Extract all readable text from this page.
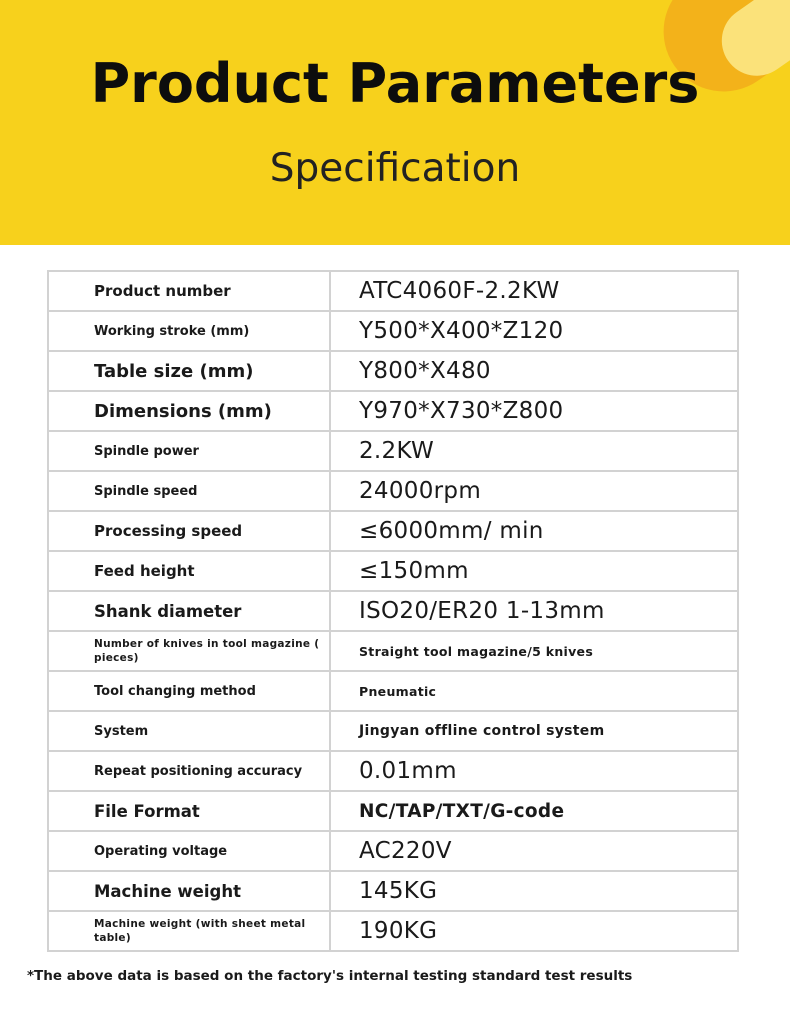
Product Parameters
Specification
Product number	ATC4060F-2.2KW
Working stroke (mm)	Y500*X400*Z120
Table size (mm)	Y800*X480
Dimensions (mm)	Y970*X730*Z800
Spindle power	2.2KW
Spindle speed	24000rpm
Processing speed	≤6000mm/ min
Feed height	≤150mm
Shank diameter	ISO20/ER20 1-13mm
Number of knives in tool magazine ( pieces)	Straight tool magazine/5 knives
Tool changing method	Pneumatic
System	Jingyan offline control system
Repeat positioning accuracy	0.01mm
File Format	NC/TAP/TXT/G-code
Operating voltage	AC220V
Machine weight	145KG
Machine weight (with sheet metal table)	190KG
*The above data is based on the factory's internal testing standard test results
